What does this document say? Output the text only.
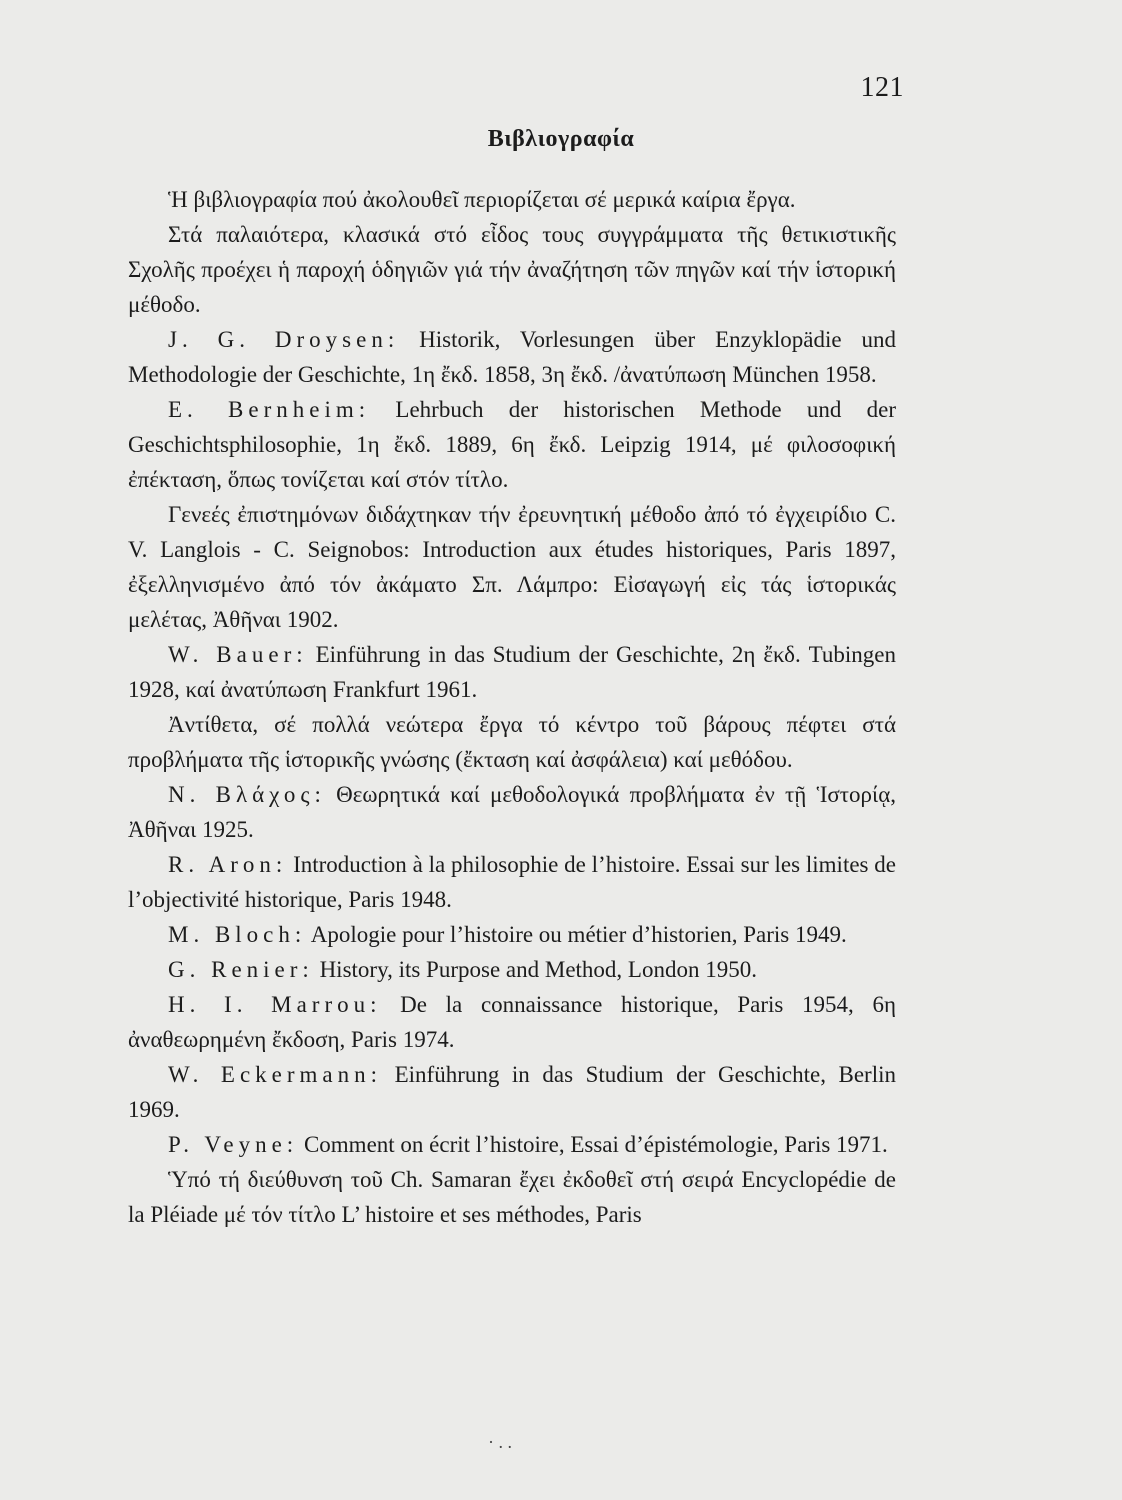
121
Βιβλιογραφία

Ἡ βιβλιογραφία πού ἀκολουθεῖ περιορίζεται σέ μερικά καίρια ἔργα.

Στά παλαιότερα, κλασικά στό εἶδος τους συγγράμματα τῆς θετικιστικῆς Σχολῆς προέχει ἡ παροχή ὁδηγιῶν γιά τήν ἀναζήτηση τῶν πηγῶν καί τήν ἱστορική μέθοδο.

J. G. Droysen: Historik, Vorlesungen über Enzyklopädie und Methodologie der Geschichte, 1η ἔκδ. 1858, 3η ἔκδ. /ἀνατύπωση München 1958.

E. Bernheim: Lehrbuch der historischen Methode und der Geschichtsphilosophie, 1η ἔκδ. 1889, 6η ἔκδ. Leipzig 1914, μέ φιλοσοφική ἐπέκταση, ὅπως τονίζεται καί στόν τίτλο.

Γενεές ἐπιστημόνων διδάχτηκαν τήν ἐρευνητική μέθοδο ἀπό τό ἐγχειρίδιο C. V. Langlois - C. Seignobos: Introduction aux études historiques, Paris 1897, ἐξελληνισμένο ἀπό τόν ἀκάματο Σπ. Λάμπρο: Εἰσαγωγή εἰς τάς ἱστορικάς μελέτας, Ἀθῆναι 1902.

W. Bauer: Einführung in das Studium der Geschichte, 2η ἔκδ. Tubingen 1928, καί ἀνατύπωση Frankfurt 1961.

Ἀντίθετα, σέ πολλά νεώτερα ἔργα τό κέντρο τοῦ βάρους πέφτει στά προβλήματα τῆς ἱστορικῆς γνώσης (ἔκταση καί ἀσφάλεια) καί μεθόδου.

N. Βλάχος: Θεωρητικά καί μεθοδολογικά προβλήματα ἐν τῇ Ἱστορίᾳ, Ἀθῆναι 1925.

R. Aron: Introduction à la philosophie de l’histoire. Essai sur les limites de l’objectivité historique, Paris 1948.

M. Bloch: Apologie pour l’histoire ou métier d’historien, Paris 1949.

G. Renier: History, its Purpose and Method, London 1950.

H. I. Marrou: De la connaissance historique, Paris 1954, 6η ἀναθεωρημένη ἔκδοση, Paris 1974.

W. Eckermann: Einführung in das Studium der Geschichte, Berlin 1969.

P. Veyne: Comment on écrit l’histoire, Essai d’épistémologie, Paris 1971.

Ὑπό τή διεύθυνση τοῦ Ch. Samaran ἔχει ἐκδοθεῖ στή σειρά Encyclopédie de la Pléiade μέ τόν τίτλο L’ histoire et ses méthodes, Paris

· . .
